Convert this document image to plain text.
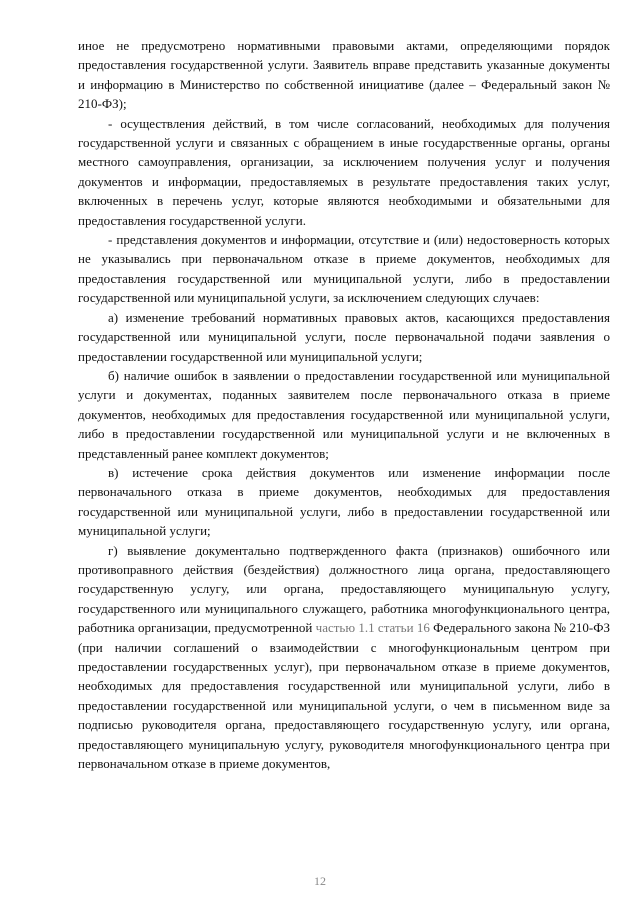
иное не предусмотрено нормативными правовыми актами, определяющими порядок предоставления государственной услуги. Заявитель вправе представить указанные документы и информацию в Министерство по собственной инициативе (далее – Федеральный закон № 210-ФЗ);

- осуществления действий, в том числе согласований, необходимых для получения государственной услуги и связанных с обращением в иные государственные органы, органы местного самоуправления, организации, за исключением получения услуг и получения документов и информации, предоставляемых в результате предоставления таких услуг, включенных в перечень услуг, которые являются необходимыми и обязательными для предоставления государственной услуги.

- представления документов и информации, отсутствие и (или) недостоверность которых не указывались при первоначальном отказе в приеме документов, необходимых для предоставления государственной или муниципальной услуги, либо в предоставлении государственной или муниципальной услуги, за исключением следующих случаев:

а) изменение требований нормативных правовых актов, касающихся предоставления государственной или муниципальной услуги, после первоначальной подачи заявления о предоставлении государственной или муниципальной услуги;

б) наличие ошибок в заявлении о предоставлении государственной или муниципальной услуги и документах, поданных заявителем после первоначального отказа в приеме документов, необходимых для предоставления государственной или муниципальной услуги, либо в предоставлении государственной или муниципальной услуги и не включенных в представленный ранее комплект документов;

в) истечение срока действия документов или изменение информации после первоначального отказа в приеме документов, необходимых для предоставления государственной или муниципальной услуги, либо в предоставлении государственной или муниципальной услуги;

г) выявление документально подтвержденного факта (признаков) ошибочного или противоправного действия (бездействия) должностного лица органа, предоставляющего государственную услугу, или органа, предоставляющего муниципальную услугу, государственного или муниципального служащего, работника многофункционального центра, работника организации, предусмотренной частью 1.1 статьи 16 Федерального закона № 210-ФЗ (при наличии соглашений о взаимодействии с многофункциональным центром при предоставлении государственных услуг), при первоначальном отказе в приеме документов, необходимых для предоставления государственной или муниципальной услуги, либо в предоставлении государственной или муниципальной услуги, о чем в письменном виде за подписью руководителя органа, предоставляющего государственную услугу, или органа, предоставляющего муниципальную услугу, руководителя многофункционального центра при первоначальном отказе в приеме документов,

12
